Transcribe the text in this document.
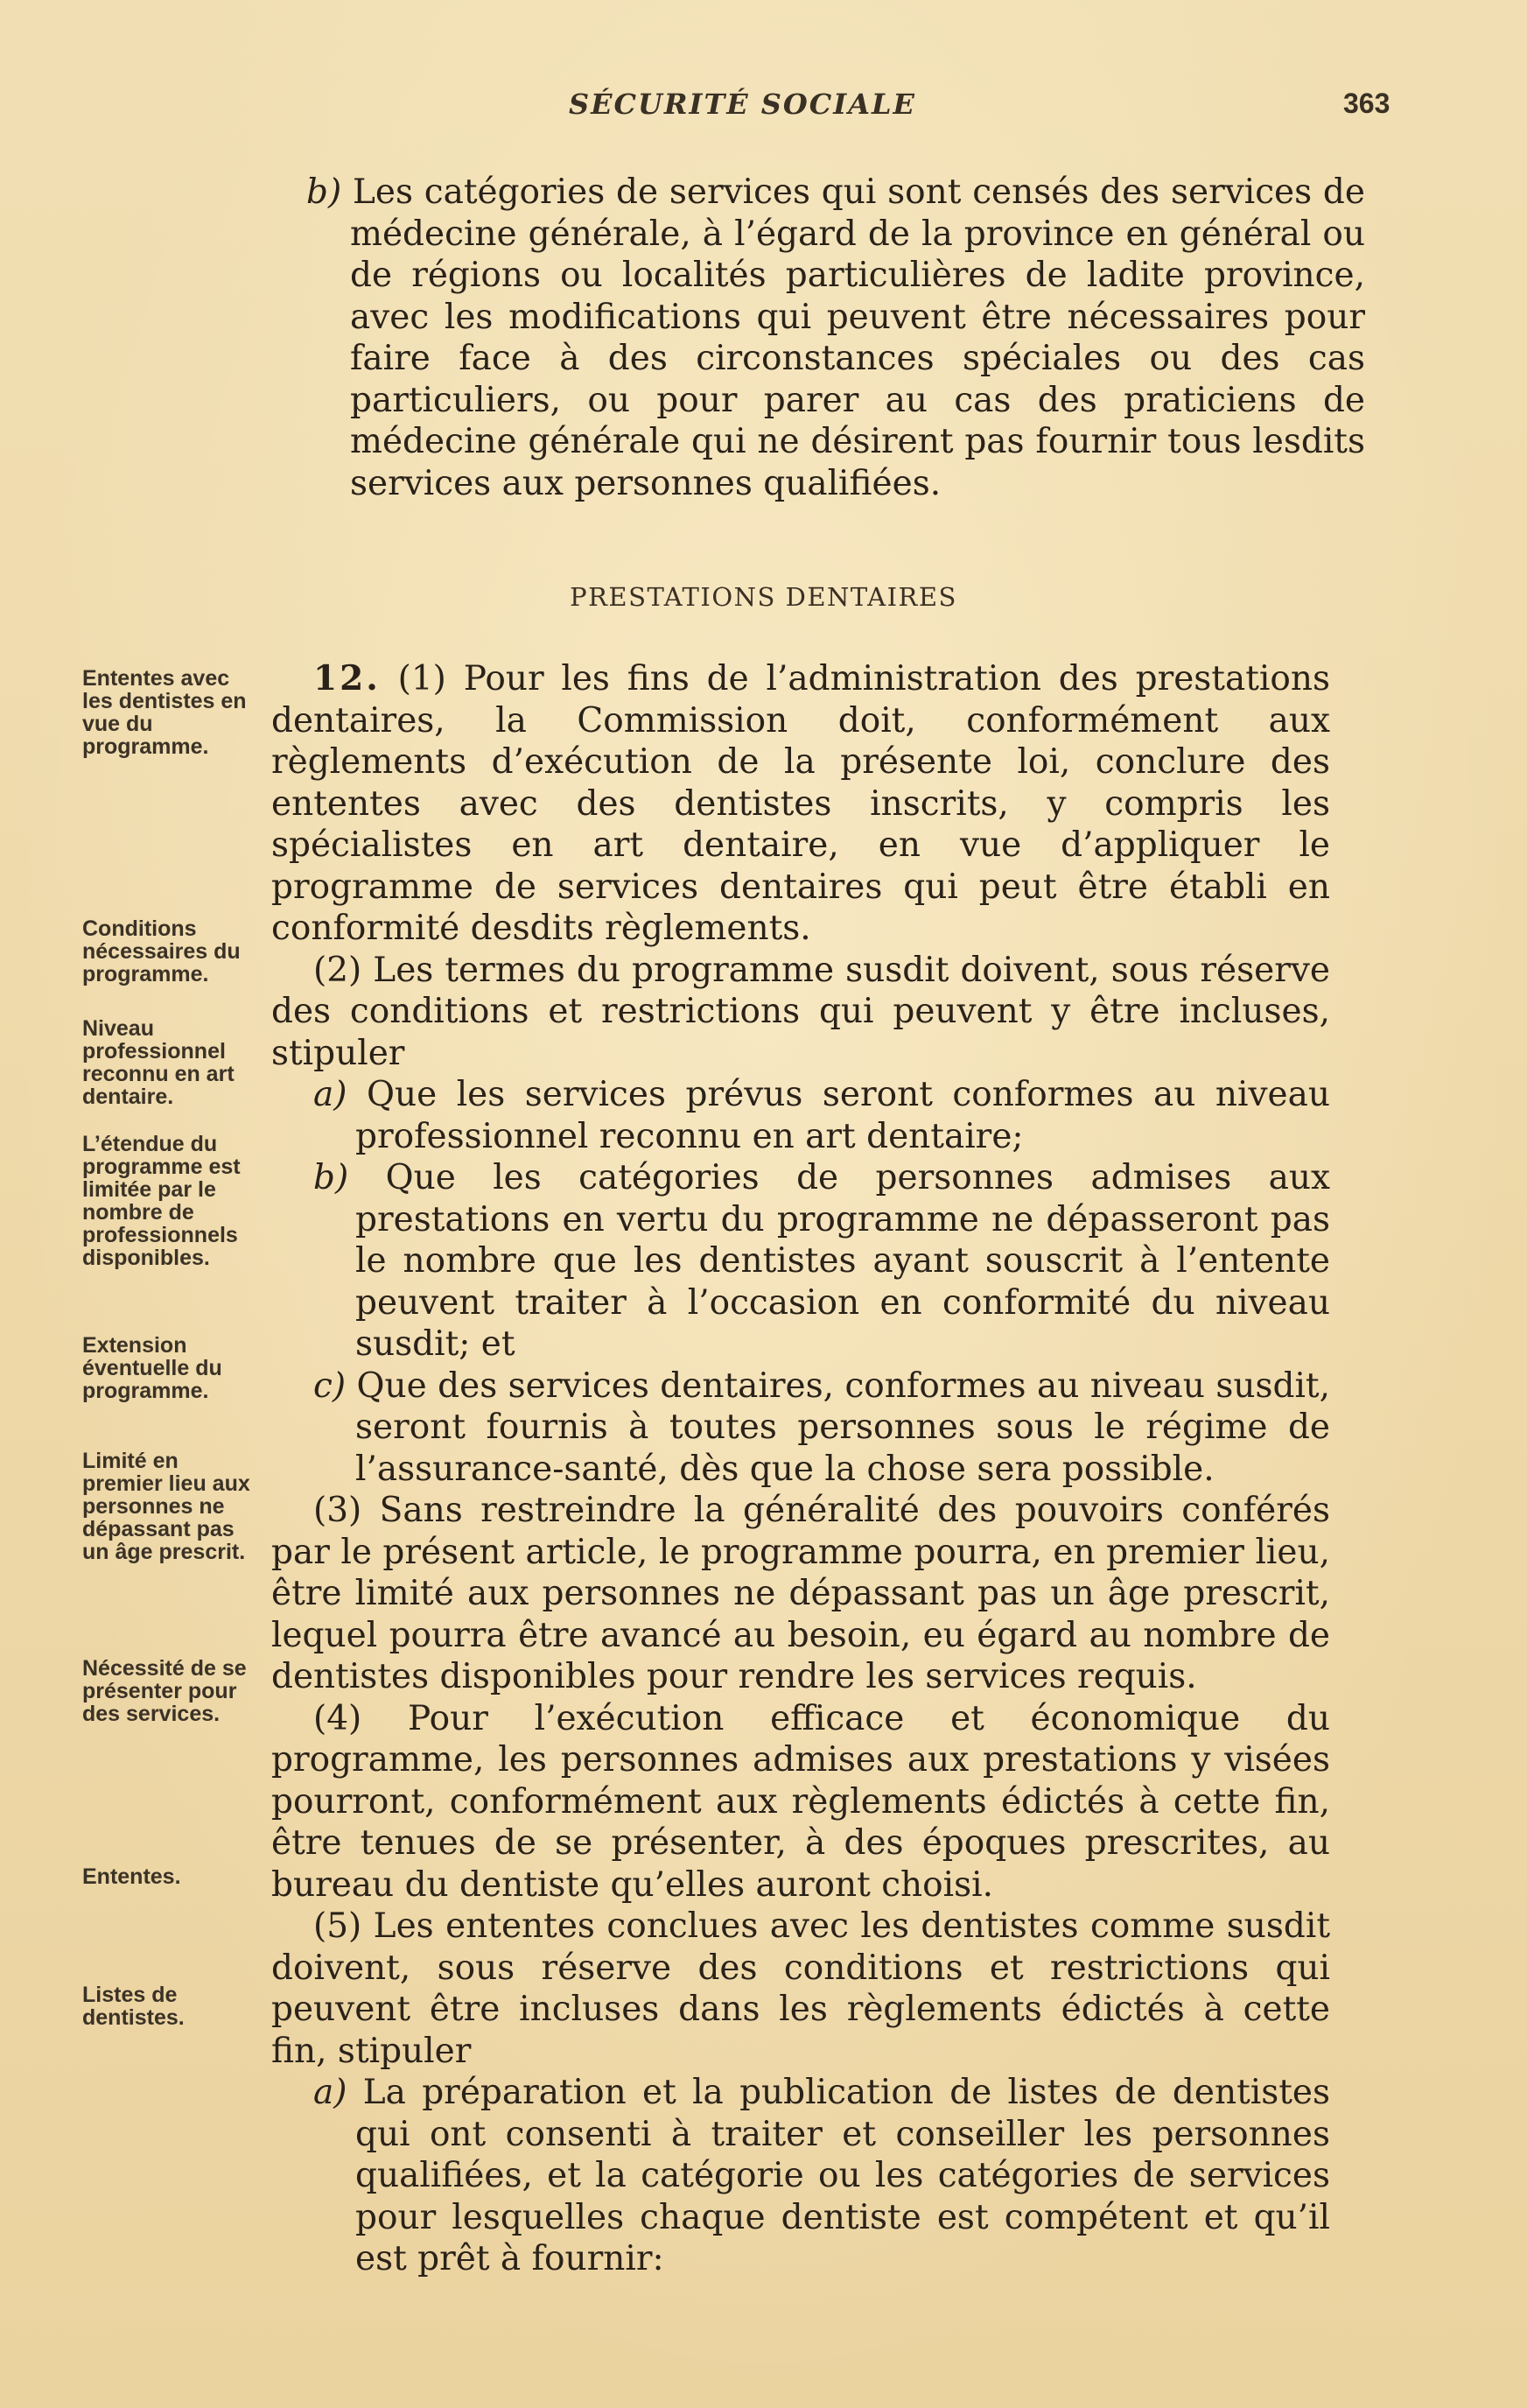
SÉCURITÉ SOCIALE	363
b) Les catégories de services qui sont censés des services de médecine générale, à l’égard de la province en général ou de régions ou localités particulières de ladite province, avec les modifications qui peuvent être nécessaires pour faire face à des circonstances spéciales ou des cas particuliers, ou pour parer au cas des praticiens de médecine générale qui ne désirent pas fournir tous lesdits services aux personnes qualifiées.
PRESTATIONS DENTAIRES

12. (1) Pour les fins de l’administration des prestations dentaires, la Commission doit, conformément aux règlements d’exécution de la présente loi, conclure des ententes avec des dentistes inscrits, y compris les spécialistes en art dentaire, en vue d’appliquer le programme de services dentaires qui peut être établi en conformité desdits règlements.

(2) Les termes du programme susdit doivent, sous réserve des conditions et restrictions qui peuvent y être incluses, stipuler

a) Que les services prévus seront conformes au niveau professionnel reconnu en art dentaire;

b) Que les catégories de personnes admises aux prestations en vertu du programme ne dépasseront pas le nombre que les dentistes ayant souscrit à l’entente peuvent traiter à l’occasion en conformité du niveau susdit; et

c) Que des services dentaires, conformes au niveau susdit, seront fournis à toutes personnes sous le régime de l’assurance-santé, dès que la chose sera possible.

(3) Sans restreindre la généralité des pouvoirs conférés par le présent article, le programme pourra, en premier lieu, être limité aux personnes ne dépassant pas un âge prescrit, lequel pourra être avancé au besoin, eu égard au nombre de dentistes disponibles pour rendre les services requis.

(4) Pour l’exécution efficace et économique du programme, les personnes admises aux prestations y visées pourront, conformément aux règlements édictés à cette fin, être tenues de se présenter, à des époques prescrites, au bureau du dentiste qu’elles auront choisi.

(5) Les ententes conclues avec les dentistes comme susdit doivent, sous réserve des conditions et restrictions qui peuvent être incluses dans les règlements édictés à cette fin, stipuler

a) La préparation et la publication de listes de dentistes qui ont consenti à traiter et conseiller les personnes qualifiées, et la catégorie ou les catégories de services pour lesquelles chaque dentiste est compétent et qu’il est prêt à fournir:

Ententes avec les dentistes en vue du programme.
Conditions nécessaires du programme.
Niveau professionnel reconnu en art dentaire.
L’étendue du programme est limitée par le nombre de professionnels disponibles.
Extension éventuelle du programme.
Limité en premier lieu aux personnes ne dépassant pas un âge prescrit.
Nécessité de se présenter pour des services.
Ententes.
Listes de dentistes.
